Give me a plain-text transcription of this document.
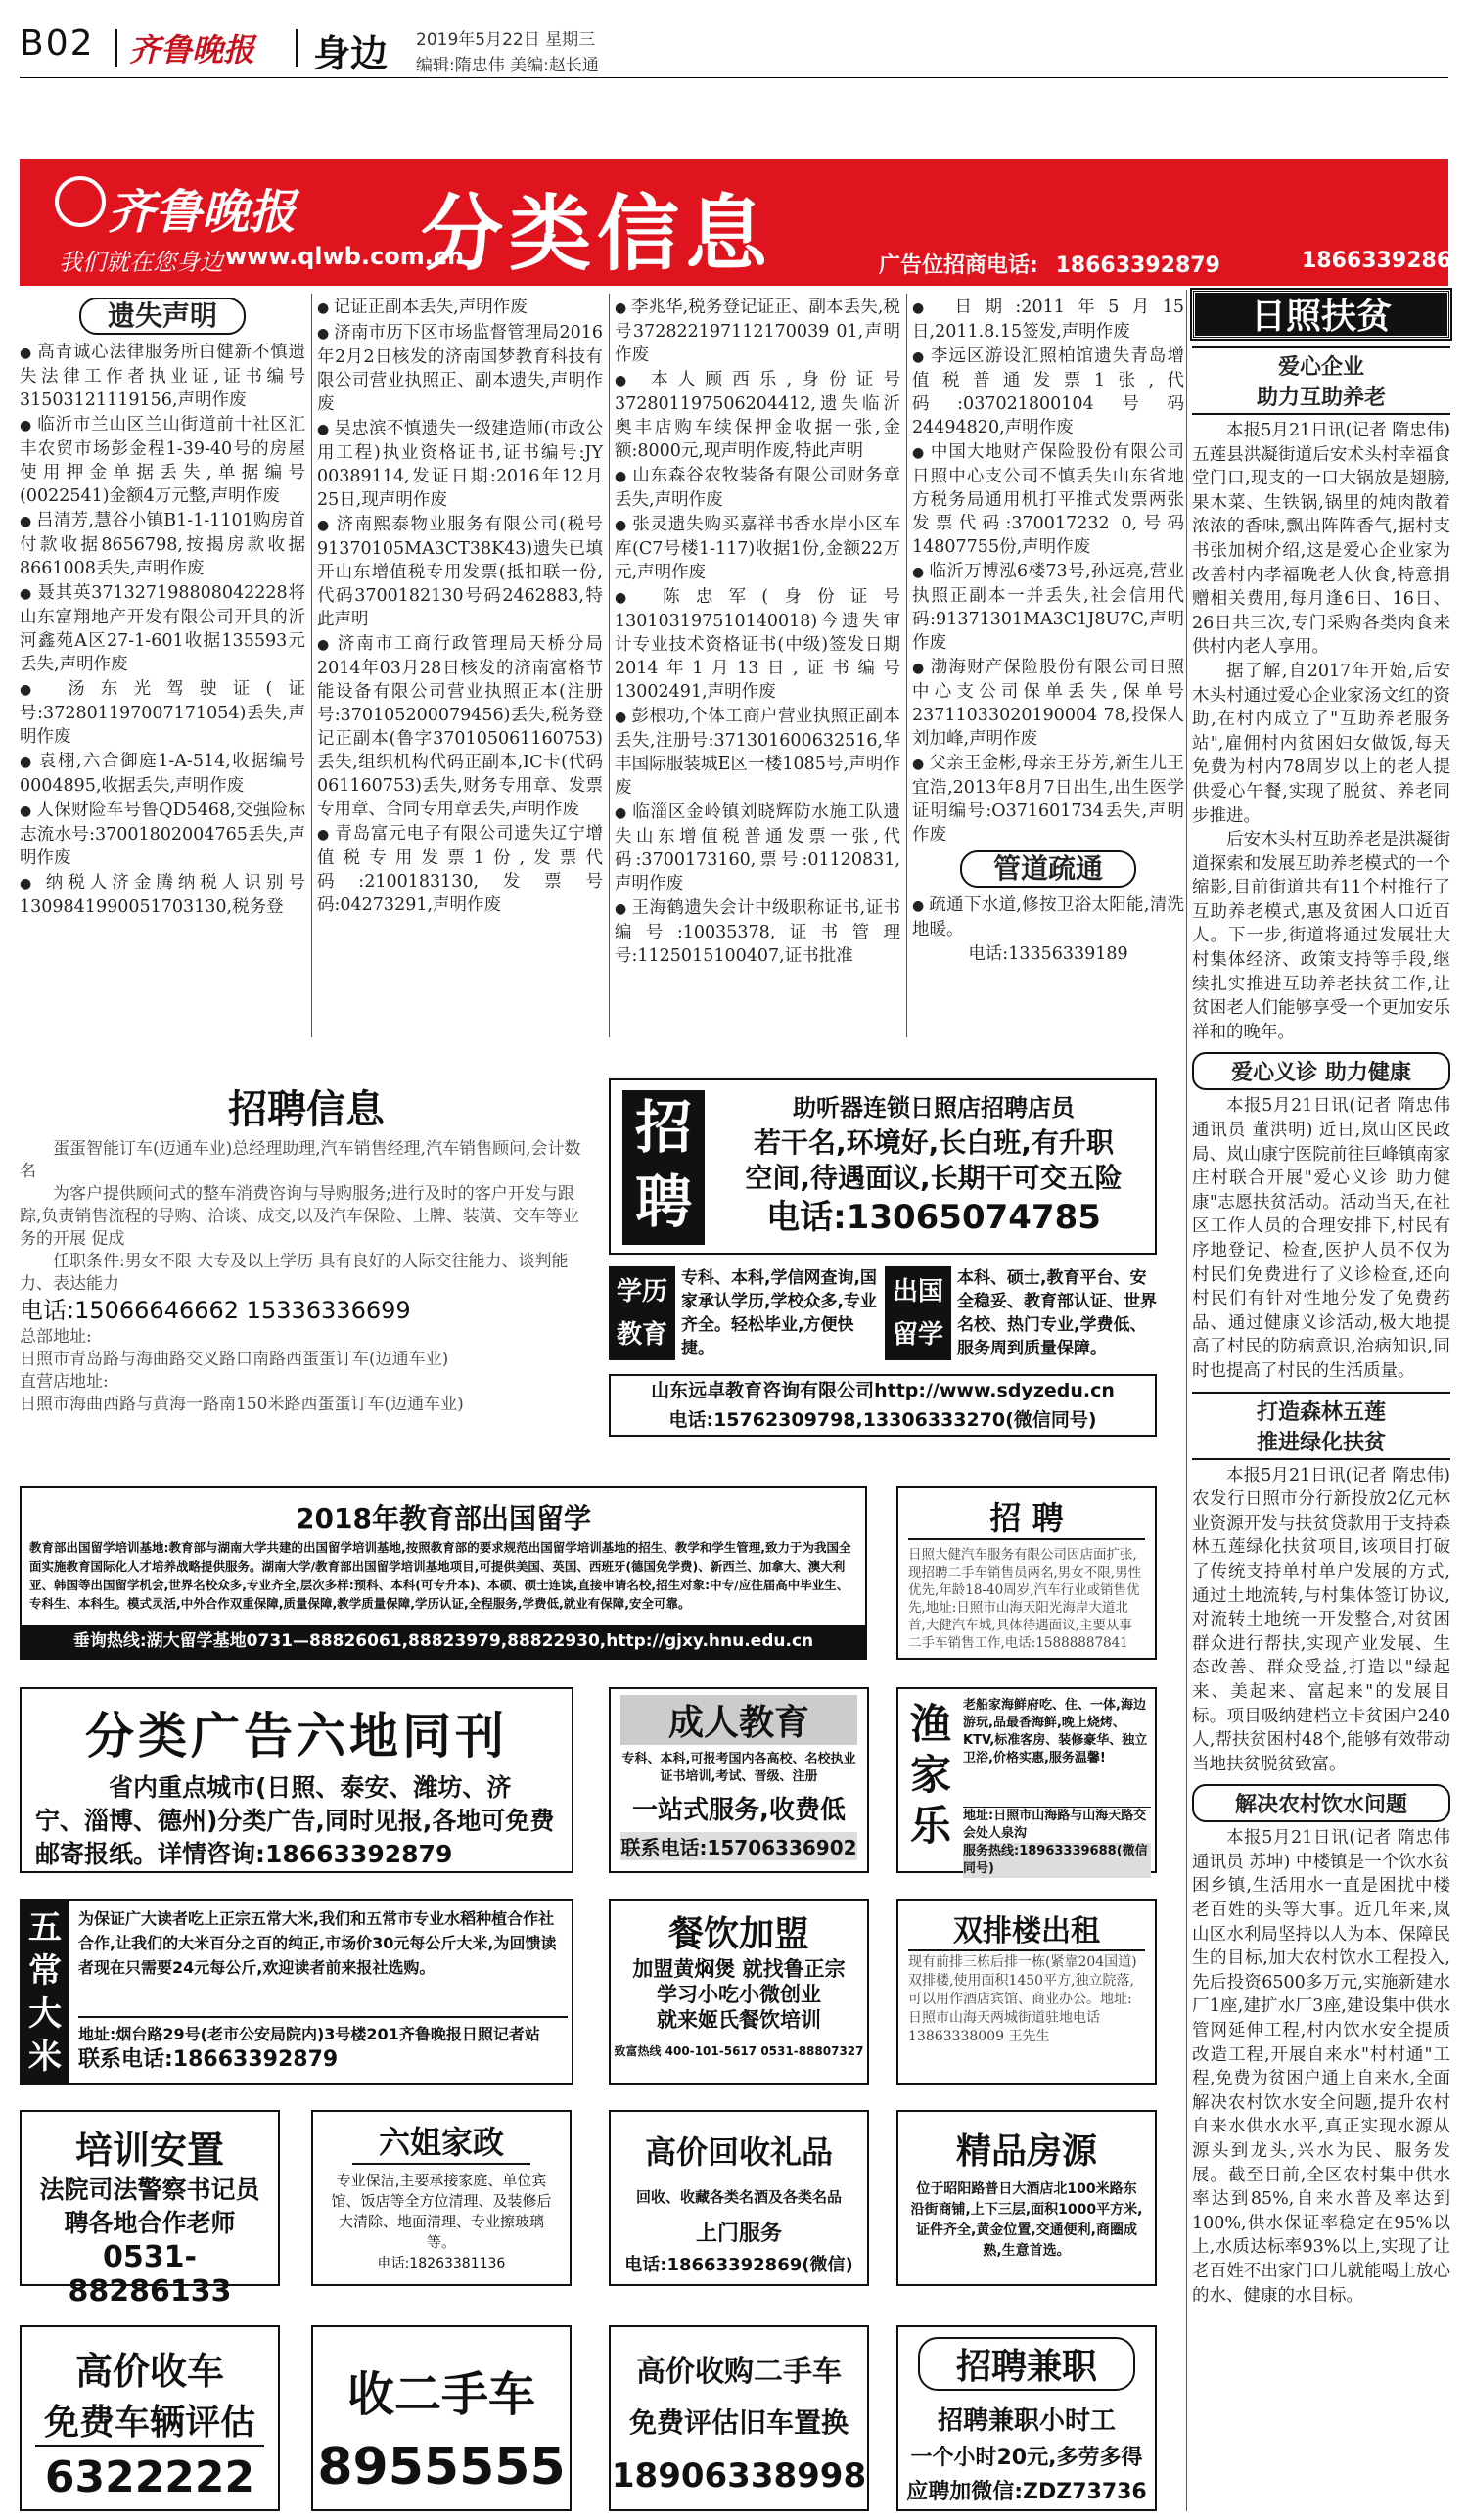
B02 齐鲁晚报 身边 2019年5月22日 星期三
编辑:隋忠伟 美编:赵长通
齐鲁晚报
我们就在您身边 www.qlwb.com.cn
分类信息	广告位招商电话: 18663392879	18663392869
遗失声明

● 高青诚心法律服务所白健新不慎遗失法律工作者执业证,证书编号31503121119156,声明作废

● 临沂市兰山区兰山街道前十社区汇丰农贸市场彭金程1-39-40号的房屋使用押金单据丢失,单据编号(0022541)金额4万元整,声明作废

● 吕清芳,慧谷小镇B1-1-1101购房首付款收据8656798,按揭房款收据8661008丢失,声明作废

● 聂其英371327198808042228将山东富翔地产开发有限公司开具的沂河鑫苑A区27-1-601收据135593元丢失,声明作废

● 汤东光驾驶证(证号:372801197007171054)丢失,声明作废

● 袁栩,六合御庭1-A-514,收据编号0004895,收据丢失,声明作废

● 人保财险车号鲁QD5468,交强险标志流水号:37001802004765丢失,声明作废

● 纳税人济金腾纳税人识别号1309841990051703130,税务登

● 记证正副本丢失,声明作废

● 济南市历下区市场监督管理局2016年2月2日核发的济南国梦教育科技有限公司营业执照正、副本遗失,声明作废

● 吴忠滨不慎遗失一级建造师(市政公用工程)执业资格证书,证书编号:JY 00389114,发证日期:2016年12月25日,现声明作废

● 济南熙泰物业服务有限公司(税号91370105MA3CT38K43)遗失已填开山东增值税专用发票(抵扣联一份,代码3700182130号码2462883,特此声明

● 济南市工商行政管理局天桥分局2014年03月28日核发的济南富格节能设备有限公司营业执照正本(注册号:370105200079456)丢失,税务登记正副本(鲁字370105061160753)丢失,组织机构代码正副本,IC卡(代码061160753)丢失,财务专用章、发票专用章、合同专用章丢失,声明作废

● 青岛富元电子有限公司遗失辽宁增值税专用发票1份,发票代码:2100183130,发票号码:04273291,声明作废

● 李兆华,税务登记证正、副本丢失,税号372822197112170039 01,声明作废

● 本人顾西乐,身份证号372801197506204412,遗失临沂奥丰店购车续保押金收据一张,金额:8000元,现声明作废,特此声明

● 山东森谷农牧装备有限公司财务章丢失,声明作废

● 张灵遗失购买嘉祥书香水岸小区车库(C7号楼1-117)收据1份,金额22万元,声明作废

● 陈忠军(身份证号130103197510140018)今遗失审计专业技术资格证书(中级)签发日期2014年1月13日,证书编号13002491,声明作废

● 彭根功,个体工商户营业执照正副本丢失,注册号:371301600632516,华丰国际服装城E区一楼1085号,声明作废

● 临淄区金岭镇刘晓辉防水施工队遗失山东增值税普通发票一张,代码:3700173160,票号:01120831,声明作废

● 王海鹤遗失会计中级职称证书,证书编号:10035378,证书管理号:1125015100407,证书批准

● 日期:2011年5月15日,2011.8.15签发,声明作废

● 李远区游设汇照柏馆遗失青岛增值税普通发票1张,代码:037021800104号码24494820,声明作废

● 中国大地财产保险股份有限公司日照中心支公司不慎丢失山东省地方税务局通用机打平推式发票两张发票代码:370017232 0,号码14807755份,声明作废

● 临沂万博泓6楼73号,孙远亮,营业执照正副本一并丢失,社会信用代码:91371301MA3C1J8U7C,声明作废

● 渤海财产保险股份有限公司日照中心支公司保单丢失,保单号23711033020190004 78,投保人刘加峰,声明作废

● 父亲王金彬,母亲王芬芳,新生儿王宜浩,2013年8月7日出生,出生医学证明编号:O371601734丢失,声明作废

管道疏通

● 疏通下水道,修按卫浴太阳能,清洗地暖。

电话:13356339189
日照扶贫
爱心企业
助力互助养老

本报5月21日讯(记者 隋忠伟) 五莲县洪凝街道后安术头村幸福食堂门口,现支的一口大锅放是翅膀,果木菜、生铁锅,锅里的炖肉散着浓浓的香味,飘出阵阵香气,据村支书张加树介绍,这是爱心企业家为改善村内孝福晚老人伙食,特意捐赠相关费用,每月逢6日、16日、26日共三次,专门采购各类肉食来供村内老人享用。

据了解,自2017年开始,后安木头村通过爱心企业家汤文红的资助,在村内成立了"互助养老服务站",雇佣村内贫困妇女做饭,每天免费为村内78周岁以上的老人提供爱心午餐,实现了脱贫、养老同步推进。

后安木头村互助养老是洪凝街道探索和发展互助养老模式的一个缩影,目前街道共有11个村推行了互助养老模式,惠及贫困人口近百人。下一步,街道将通过发展壮大村集体经济、政策支持等手段,继续扎实推进互助养老扶贫工作,让贫困老人们能够享受一个更加安乐祥和的晚年。

爱心义诊 助力健康

本报5月21日讯(记者 隋忠伟 通讯员 董洪明) 近日,岚山区民政局、岚山康宁医院前往巨峰镇南家庄村联合开展"爱心义诊 助力健康"志愿扶贫活动。活动当天,在社区工作人员的合理安排下,村民有序地登记、检查,医护人员不仅为村民们免费进行了义诊检查,还向村民们有针对性地分发了免费药品、通过健康义诊活动,极大地提高了村民的防病意识,治病知识,同时也提高了村民的生活质量。

打造森林五莲
推进绿化扶贫

本报5月21日讯(记者 隋忠伟) 农发行日照市分行新投放2亿元林业资源开发与扶贫贷款用于支持森林五莲绿化扶贫项目,该项目打破了传统支持单村单户发展的方式,通过土地流转,与村集体签订协议,对流转土地统一开发整合,对贫困群众进行帮扶,实现产业发展、生态改善、群众受益,打造以"绿起来、美起来、富起来"的发展目标。项目吸纳建档立卡贫困户240人,帮扶贫困村48个,能够有效带动当地扶贫脱贫致富。

解决农村饮水问题

本报5月21日讯(记者 隋忠伟 通讯员 苏坤) 中楼镇是一个饮水贫困乡镇,生活用水一直是困扰中楼老百姓的头等大事。近几年来,岚山区水利局坚持以人为本、保障民生的目标,加大农村饮水工程投入,先后投资6500多万元,实施新建水厂1座,建扩水厂3座,建设集中供水管网延伸工程,村内饮水安全提质改造工程,开展自来水"村村通"工程,免费为贫困户通上自来水,全面解决农村饮水安全问题,提升农村自来水供水水平,真正实现水源从源头到龙头,兴水为民、服务发展。截至目前,全区农村集中供水率达到85%,自来水普及率达到100%,供水保证率稳定在95%以上,水质达标率93%以上,实现了让老百姓不出家门口儿就能喝上放心的水、健康的水目标。

招聘信息
蛋蛋智能订车(迈通车业)总经理助理,汽车销售经理,汽车销售顾问,会计数名
为客户提供顾问式的整车消费咨询与导购服务;进行及时的客户开发与跟踪,负责销售流程的导购、洽谈、成交,以及汽车保险、上牌、装潢、交车等业务的开展 促成
任职条件:男女不限 大专及以上学历 具有良好的人际交往能力、谈判能力、表达能力
电话:15066646662 15336336699
总部地址:
日照市青岛路与海曲路交叉路口南路西蛋蛋订车(迈通车业)
直营店地址:
日照市海曲西路与黄海一路南150米路西蛋蛋订车(迈通车业)
招
聘
助听器连锁日照店招聘店员
若干名,环境好,长白班,有升职
空间,待遇面议,长期干可交五险
电话:13065074785
学历
教育
专科、本科,学信网查询,国家承认学历,学校众多,专业齐全。轻松毕业,方便快捷。
出国
留学
本科、硕士,教育平台、安全稳妥、教育部认证、世界名校、热门专业,学费低、服务周到质量保障。
山东远卓教育咨询有限公司http://www.sdyzedu.cn
电话:15762309798,13306333270(微信同号)
2018年教育部出国留学
教育部出国留学培训基地:教育部与湖南大学共建的出国留学培训基地,按照教育部的要求规范出国留学培训基地的招生、教学和学生管理,致力于为我国全面实施教育国际化人才培养战略提供服务。湖南大学/教育部出国留学培训基地项目,可提供美国、英国、西班牙(德国免学费)、新西兰、加拿大、澳大利亚、韩国等出国留学机会,世界名校众多,专业齐全,层次多样:预科、本科(可专升本)、本硕、硕士连读,直接申请名校,招生对象:中专/应往届高中毕业生、专科生、本科生。模式灵活,中外合作双重保障,质量保障,教学质量保障,学历认证,全程服务,学费低,就业有保障,安全可靠。
垂询热线:湖大留学基地0731—88826061,88823979,88822930,http://gjxy.hnu.edu.cn
招 聘
日照大健汽车服务有限公司因店面扩张,现招聘二手车销售员两名,男女不限,男性优先,年龄18-40周岁,汽车行业或销售优先,地址:日照市山海天阳光海岸大道北首,大健汽车城,具体待遇面议,主要从事二手车销售工作,电话:15888887841
分类广告六地同刊
省内重点城市(日照、泰安、潍坊、济宁、淄博、德州)分类广告,同时见报,各地可免费邮寄报纸。详情咨询:18663392879
成人教育
专科、本科,可报考国内各高校、名校执业证书培训,考试、晋级、注册
一站式服务,收费低
联系电话:15706336902
渔家乐
老船家海鲜府吃、住、一体,海边游玩,品最香海鲜,晚上烧烤、KTV,标准客房、装修豪华、独立卫浴,价格实惠,服务温馨!
地址:日照市山海路与山海天路交会处人泉沟
服务热线:18963339688(微信同号)
五常大米
为保证广大读者吃上正宗五常大米,我们和五常市专业水稻种植合作社合作,让我们的大米百分之百的纯正,市场价30元每公斤大米,为回馈读者现在只需要24元每公斤,欢迎读者前来报社选购。
地址:烟台路29号(老市公安局院内)3号楼201齐鲁晚报日照记者站
联系电话:18663392879
餐饮加盟
加盟黄焖煲 就找鲁正宗
学习小吃小微创业
就来姬氏餐饮培训
致富热线 400-101-5617 0531-88807327
双排楼出租
现有前排三栋后排一栋(紧靠204国道)双排楼,使用面积1450平方,独立院落,可以用作酒店宾馆、商业办公。地址:日照市山海天两城街道驻地电话13863338009 王先生
培训安置
法院司法警察书记员
聘各地合作老师
0531-88286133
六姐家政
专业保洁,主要承接家庭、单位宾馆、饭店等全方位清理、及装修后大清除、地面清理、专业擦玻璃等。
电话:18263381136
高价回收礼品
回收、收藏各类名酒及各类名品
上门服务
电话:18663392869(微信)
精品房源
位于昭阳路普日大酒店北100米路东沿街商铺,上下三层,面积1000平方米,证件齐全,黄金位置,交通便利,商圈成熟,生意首选。
高价收车
免费车辆评估
6322222
收二手车
8955555
高价收购二手车
免费评估旧车置换
18906338998
招聘兼职
招聘兼职小时工
一个小时20元,多劳多得
应聘加微信:ZDZ73736
